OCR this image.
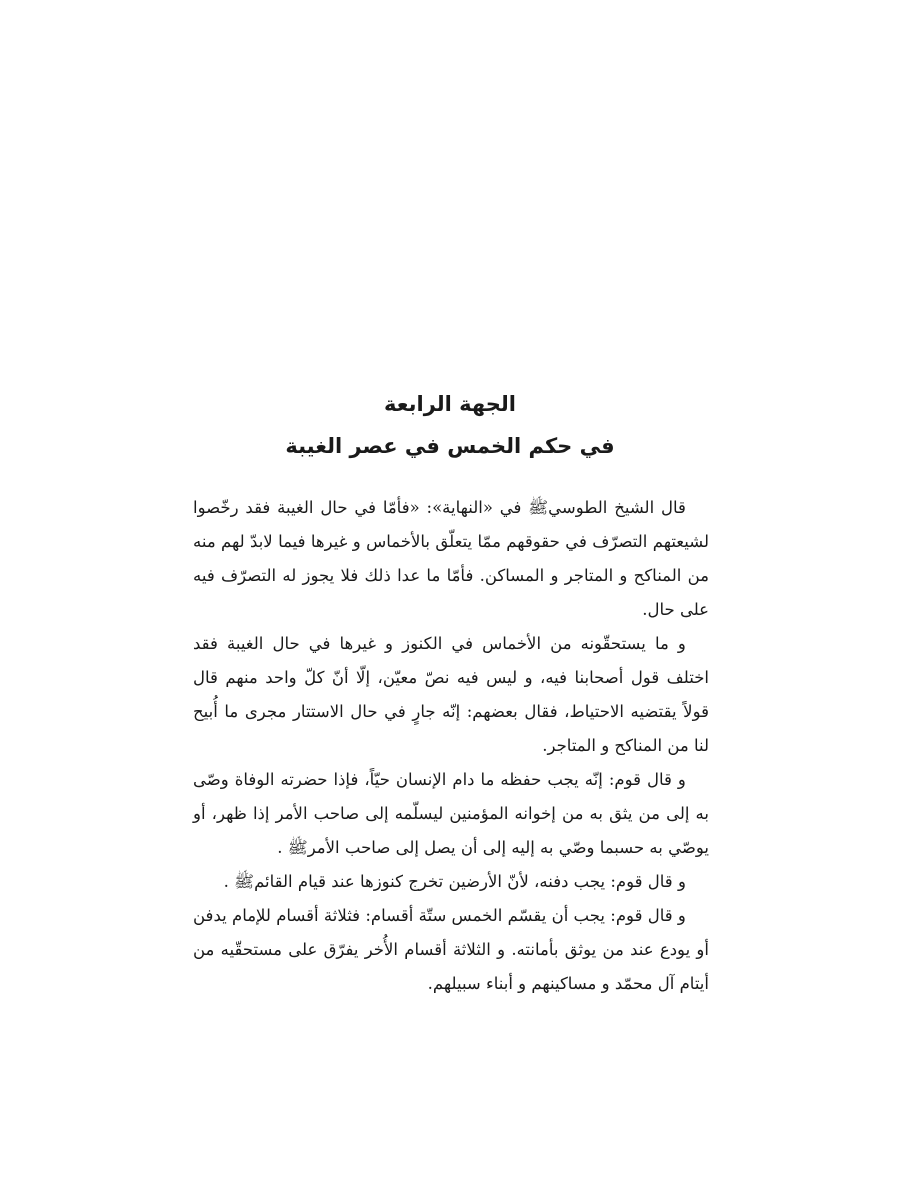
الجهة الرابعة
في حكم الخمس في عصر الغيبة

قال الشيخ الطوسيﷺ في «النهاية»: «فأمّا في حال الغيبة فقد رخّصوا لشيعتهم التصرّف في حقوقهم ممّا يتعلّق بالأخماس و غيرها فيما لابدّ لهم منه من المناكح و المتاجر و المساكن. فأمّا ما عدا ذلك فلا يجوز له التصرّف فيه على حال.

و ما يستحقّونه من الأخماس في الكنوز و غيرها في حال الغيبة فقد اختلف قول أصحابنا فيه، و ليس فيه نصّ معيّن، إلّا أنّ كلّ واحد منهم قال قولاً يقتضيه الاحتياط، فقال بعضهم: إنّه جارٍ في حال الاستتار مجرى ما أُبيح لنا من المناكح و المتاجر.

و قال قوم: إنّه يجب حفظه ما دام الإنسان حيّاً، فإذا حضرته الوفاة وصّى به إلى من يثق به من إخوانه المؤمنين ليسلّمه إلى صاحب الأمر إذا ظهر، أو يوصّي به حسبما وصّي به إليه إلى أن يصل إلى صاحب الأمرﷺ .

و قال قوم: يجب دفنه، لأنّ الأرضين تخرج كنوزها عند قيام القائمﷺ .

و قال قوم: يجب أن يقسّم الخمس ستّة أقسام: فثلاثة أقسام للإمام يدفن أو يودع عند من يوثق بأمانته. و الثلاثة أقسام الأُخر يفرّق على مستحقّيه من أيتام آل محمّد و مساكينهم و أبناء سبيلهم.
